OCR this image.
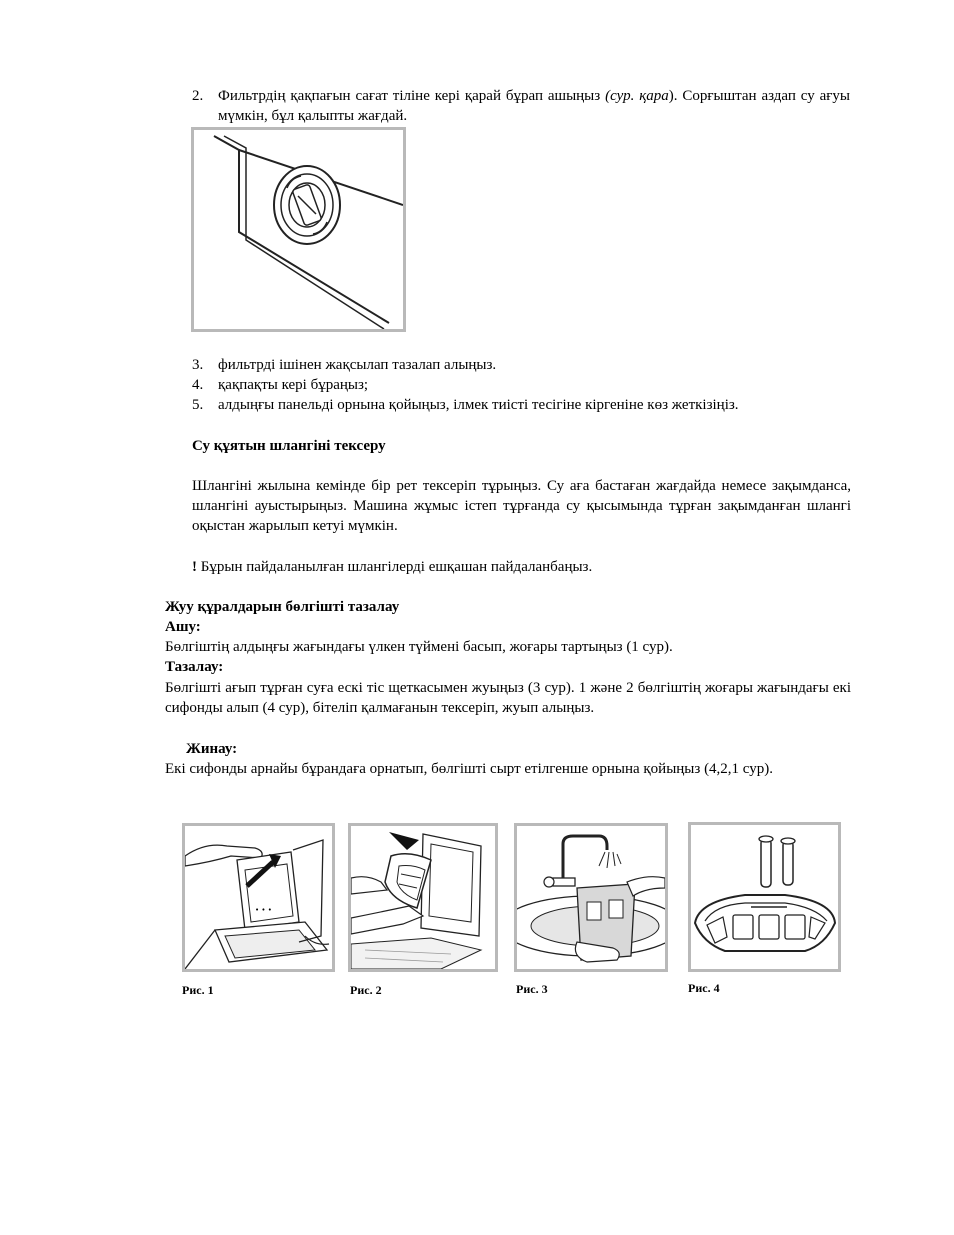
2. Фильтрдің қақпағын сағат тіліне кері қарай бұрап ашыңыз (сур. қара). Сорғыштан аздап су ағуы мүмкін, бұл қалыпты жағдай.
3. фильтрді ішінен жақсылап тазалап алыңыз.
4. қақпақты кері бұраңыз;
5. алдыңғы панельді орнына қойыңыз, ілмек тиісті тесігіне кіргеніне көз жеткізіңіз.
Су құятын шлангіні тексеру
Шлангіні жылына кемінде бір рет тексеріп тұрыңыз. Су аға бастаған жағдайда немесе зақымданса, шлангіні ауыстырыңыз. Машина жұмыс істеп тұрғанда су қысымында тұрған зақымданған шлангі оқыстан жарылып кетуі мүмкін.
! Бұрын пайдаланылған шлангілерді ешқашан пайдаланбаңыз.
Жуу құралдарын бөлгішті тазалау
Ашу:
Бөлгіштің алдыңғы жағындағы үлкен түймені басып, жоғары тартыңыз (1 сур).
Тазалау:
Бөлгішті ағып тұрған суға ескі тіс щеткасымен жуыңыз (3 сур). 1 және 2 бөлгіштің жоғары жағындағы екі сифонды алып (4 сур), бітеліп қалмағанын тексеріп, жуып алыңыз.
Жинау:
Екі сифонды арнайы бұрандаға орнатып, бөлгішті сырт етілгенше орнына қойыңыз (4,2,1 сур).
• • •
Рис. 1	Рис. 2	Рис. 3	Рис. 4
